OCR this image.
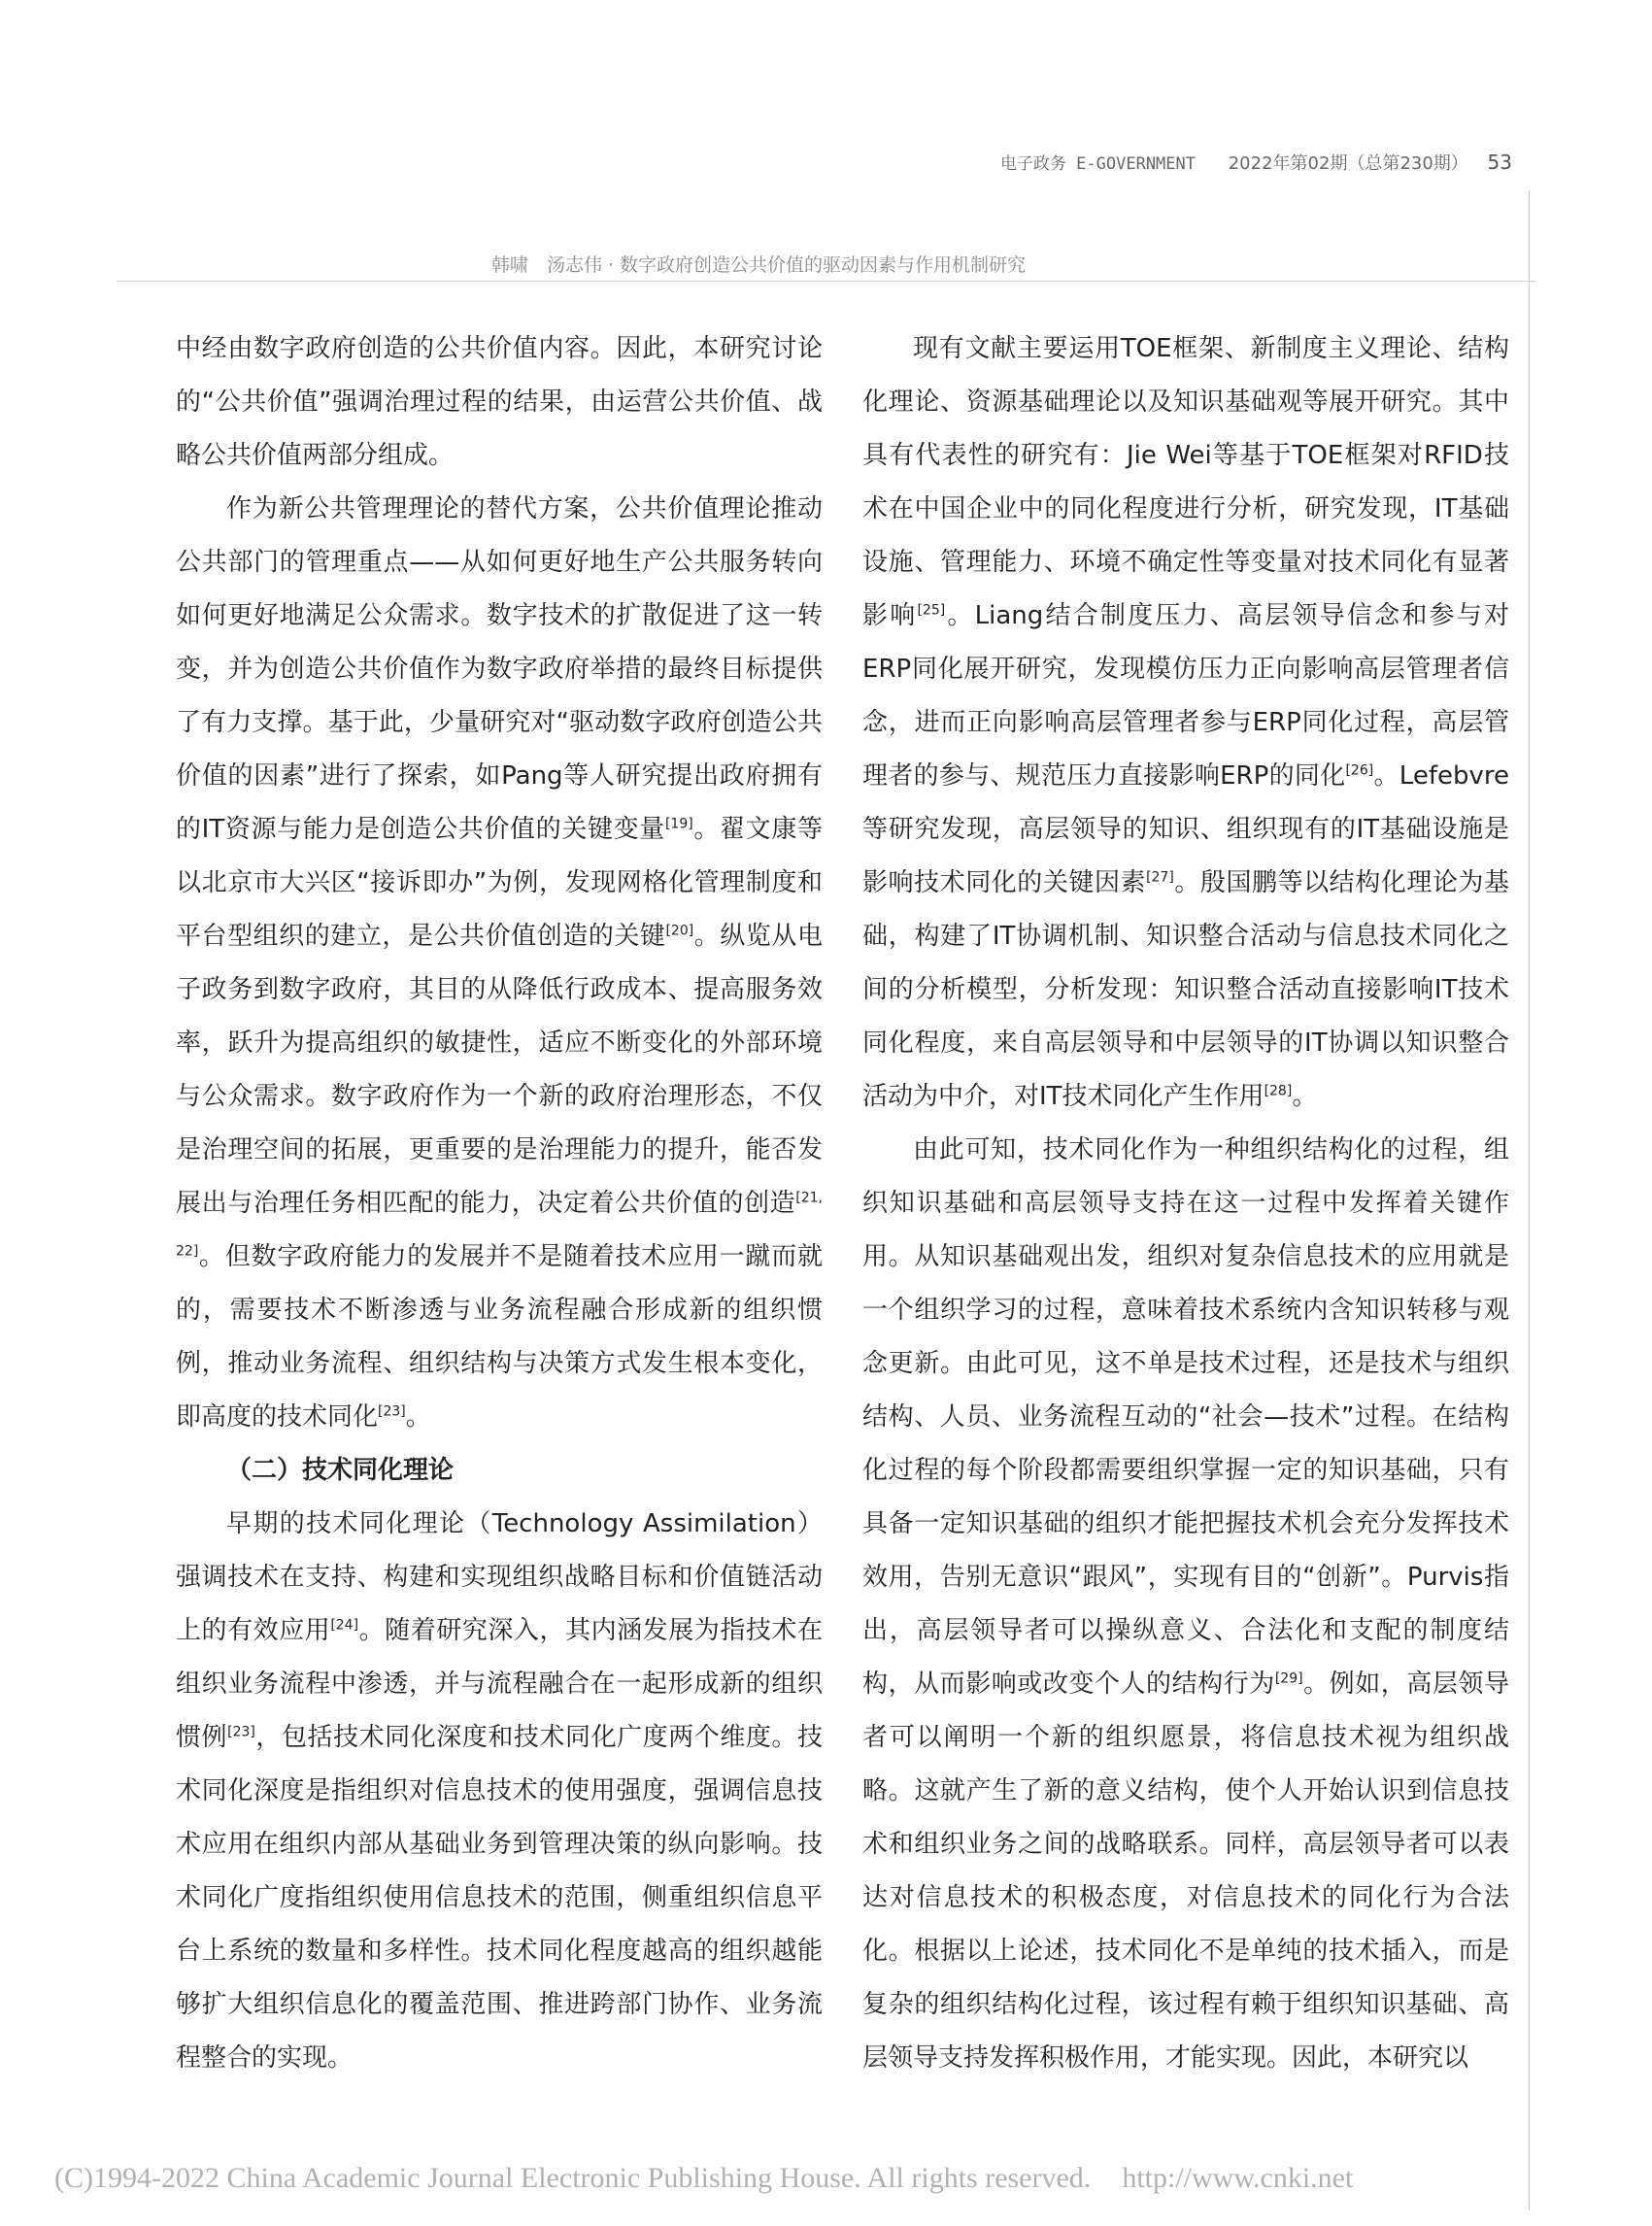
电子政务 E-GOVERNMENT 2022年第02期（总第230期） 53
韩啸　汤志伟 · 数字政府创造公共价值的驱动因素与作用机制研究

中经由数字政府创造的公共价值内容。因此，本研究讨论的“公共价值”强调治理过程的结果，由运营公共价值、战略公共价值两部分组成。

作为新公共管理理论的替代方案，公共价值理论推动公共部门的管理重点——从如何更好地生产公共服务转向如何更好地满足公众需求。数字技术的扩散促进了这一转变，并为创造公共价值作为数字政府举措的最终目标提供了有力支撑。基于此，少量研究对“驱动数字政府创造公共价值的因素”进行了探索，如Pang等人研究提出政府拥有的IT资源与能力是创造公共价值的关键变量[19]。翟文康等以北京市大兴区“接诉即办”为例，发现网格化管理制度和平台型组织的建立，是公共价值创造的关键[20]。纵览从电子政务到数字政府，其目的从降低行政成本、提高服务效率，跃升为提高组织的敏捷性，适应不断变化的外部环境与公众需求。数字政府作为一个新的政府治理形态，不仅是治理空间的拓展，更重要的是治理能力的提升，能否发展出与治理任务相匹配的能力，决定着公共价值的创造[21, 22]。但数字政府能力的发展并不是随着技术应用一蹴而就的，需要技术不断渗透与业务流程融合形成新的组织惯例，推动业务流程、组织结构与决策方式发生根本变化，即高度的技术同化[23]。

（二）技术同化理论

早期的技术同化理论（Technology Assimilation）强调技术在支持、构建和实现组织战略目标和价值链活动上的有效应用[24]。随着研究深入，其内涵发展为指技术在组织业务流程中渗透，并与流程融合在一起形成新的组织惯例[23]，包括技术同化深度和技术同化广度两个维度。技术同化深度是指组织对信息技术的使用强度，强调信息技术应用在组织内部从基础业务到管理决策的纵向影响。技术同化广度指组织使用信息技术的范围，侧重组织信息平台上系统的数量和多样性。技术同化程度越高的组织越能够扩大组织信息化的覆盖范围、推进跨部门协作、业务流程整合的实现。

现有文献主要运用TOE框架、新制度主义理论、结构化理论、资源基础理论以及知识基础观等展开研究。其中具有代表性的研究有：Jie Wei等基于TOE框架对RFID技术在中国企业中的同化程度进行分析，研究发现，IT基础设施、管理能力、环境不确定性等变量对技术同化有显著影响[25]。Liang结合制度压力、高层领导信念和参与对ERP同化展开研究，发现模仿压力正向影响高层管理者信念，进而正向影响高层管理者参与ERP同化过程，高层管理者的参与、规范压力直接影响ERP的同化[26]。Lefebvre等研究发现，高层领导的知识、组织现有的IT基础设施是影响技术同化的关键因素[27]。殷国鹏等以结构化理论为基础，构建了IT协调机制、知识整合活动与信息技术同化之间的分析模型，分析发现：知识整合活动直接影响IT技术同化程度，来自高层领导和中层领导的IT协调以知识整合活动为中介，对IT技术同化产生作用[28]。

由此可知，技术同化作为一种组织结构化的过程，组织知识基础和高层领导支持在这一过程中发挥着关键作用。从知识基础观出发，组织对复杂信息技术的应用就是一个组织学习的过程，意味着技术系统内含知识转移与观念更新。由此可见，这不单是技术过程，还是技术与组织结构、人员、业务流程互动的“社会—技术”过程。在结构化过程的每个阶段都需要组织掌握一定的知识基础，只有具备一定知识基础的组织才能把握技术机会充分发挥技术效用，告别无意识“跟风”，实现有目的“创新”。Purvis指出，高层领导者可以操纵意义、合法化和支配的制度结构，从而影响或改变个人的结构行为[29]。例如，高层领导者可以阐明一个新的组织愿景，将信息技术视为组织战略。这就产生了新的意义结构，使个人开始认识到信息技术和组织业务之间的战略联系。同样，高层领导者可以表达对信息技术的积极态度，对信息技术的同化行为合法化。根据以上论述，技术同化不是单纯的技术插入，而是复杂的组织结构化过程，该过程有赖于组织知识基础、高层领导支持发挥积极作用，才能实现。因此，本研究以

(C)1994-2022 China Academic Journal Electronic Publishing House. All rights reserved. http://www.cnki.net
